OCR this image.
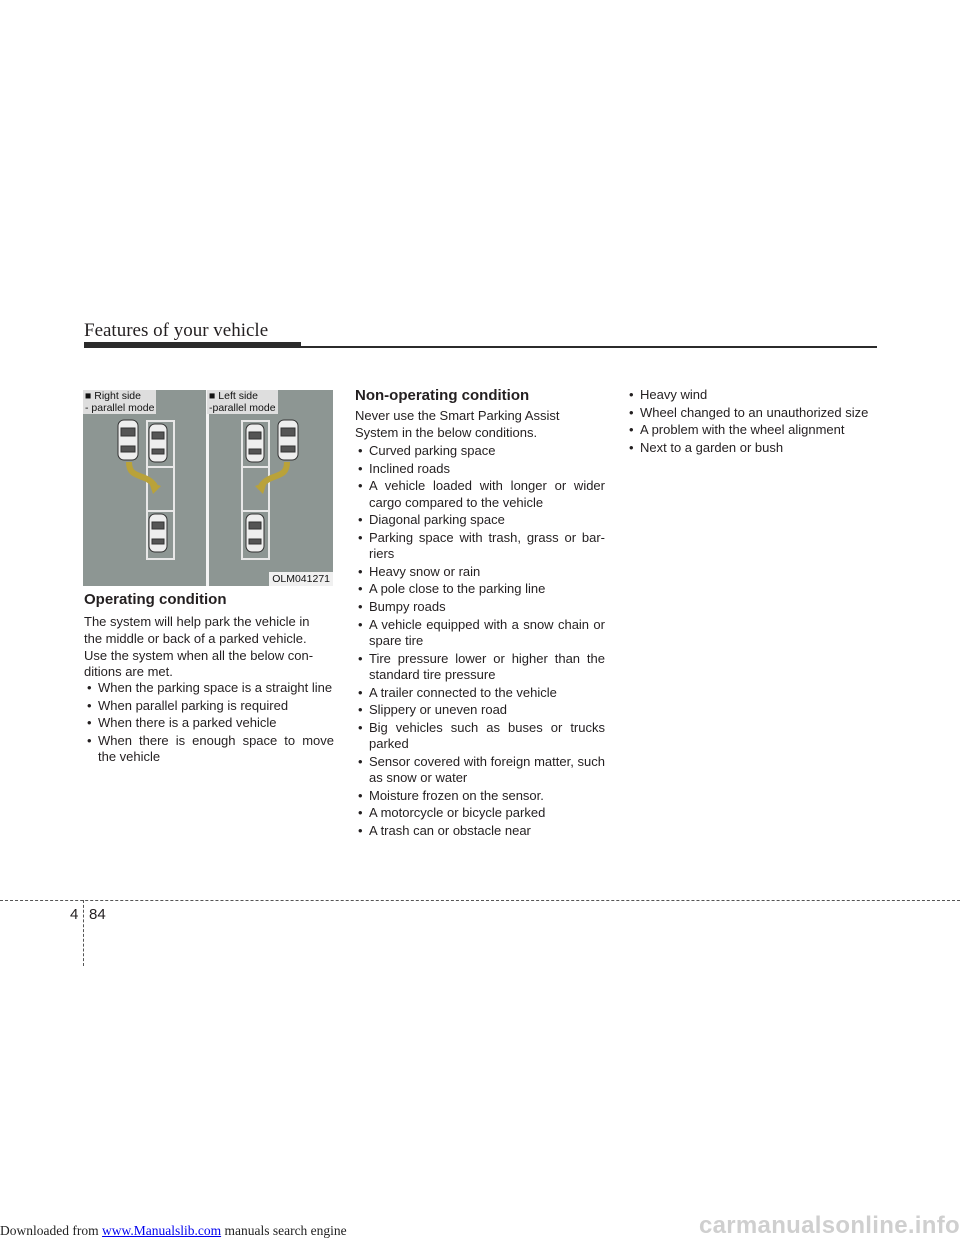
Features of your vehicle
■ Right side
- parallel mode
■ Left side
-parallel mode
OLM041271
Operating condition

The system will help park the vehicle in

the middle or back of a parked vehicle.

Use the system when all the below con-

ditions are met.

• When the parking space is a straight line
• When parallel parking is required
• When there is a parked vehicle
• When there is enough space to move the vehicle
Non-operating condition

Never use the Smart Parking Assist

System in the below conditions.

• Curved parking space
• Inclined roads
• A vehicle loaded with longer or wider cargo compared to the vehicle
• Diagonal parking space
• Parking space with trash, grass or bar-riers
• Heavy snow or rain
• A pole close to the parking line
• Bumpy roads
• A vehicle equipped with a snow chain or spare tire
• Tire pressure lower or higher than the standard tire pressure
• A trailer connected to the vehicle
• Slippery or uneven road
• Big vehicles such as buses or trucks parked
• Sensor covered with foreign matter, such as snow or water
• Moisture frozen on the sensor.
• A motorcycle or bicycle parked
• A trash can or obstacle near
• Heavy wind
• Wheel changed to an unauthorized size
• A problem with the wheel alignment
• Next to a garden or bush
4 84
Downloaded from www.Manualslib.com manuals search engine	carmanualsonline.info
